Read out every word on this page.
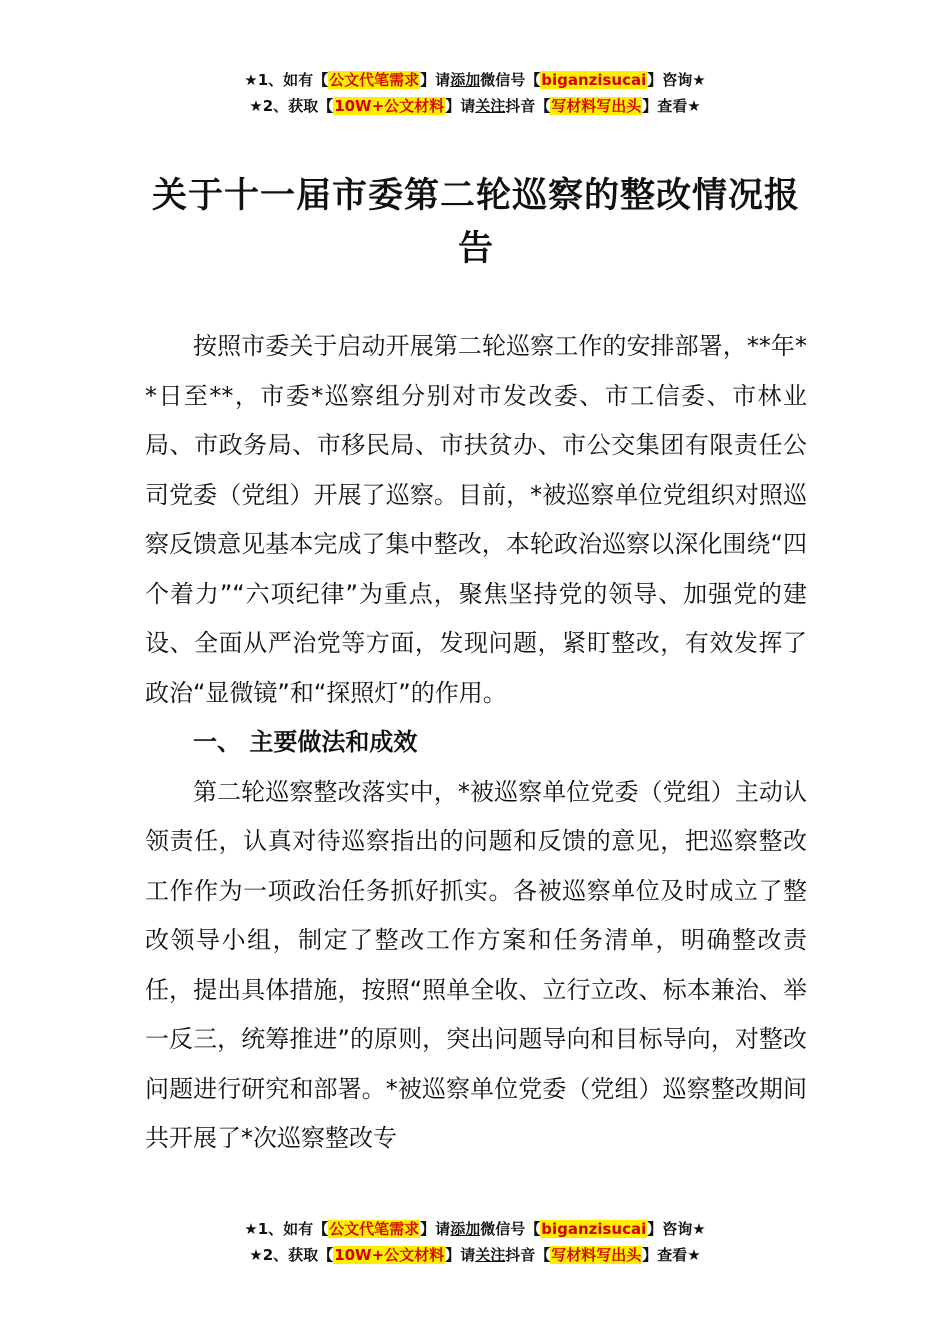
★1、如有【公文代笔需求】请添加微信号【biganzisucai】咨询★
★2、获取【10W+公文材料】请关注抖音【写材料写出头】查看★
关于十一届市委第二轮巡察的整改情况报告

按照市委关于启动开展第二轮巡察工作的安排部署，**年**日至**，市委*巡察组分别对市发改委、市工信委、市林业局、市政务局、市移民局、市扶贫办、市公交集团有限责任公司党委（党组）开展了巡察。目前，*被巡察单位党组织对照巡察反馈意见基本完成了集中整改，本轮政治巡察以深化围绕“四个着力”“六项纪律”为重点，聚焦坚持党的领导、加强党的建设、全面从严治党等方面，发现问题，紧盯整改，有效发挥了政治“显微镜”和“探照灯”的作用。

一、 主要做法和成效

第二轮巡察整改落实中，*被巡察单位党委（党组）主动认领责任，认真对待巡察指出的问题和反馈的意见，把巡察整改工作作为一项政治任务抓好抓实。各被巡察单位及时成立了整改领导小组，制定了整改工作方案和任务清单，明确整改责任，提出具体措施，按照“照单全收、立行立改、标本兼治、举一反三，统筹推进”的原则，突出问题导向和目标导向，对整改问题进行研究和部署。*被巡察单位党委（党组）巡察整改期间共开展了*次巡察整改专

★1、如有【公文代笔需求】请添加微信号【biganzisucai】咨询★
★2、获取【10W+公文材料】请关注抖音【写材料写出头】查看★
